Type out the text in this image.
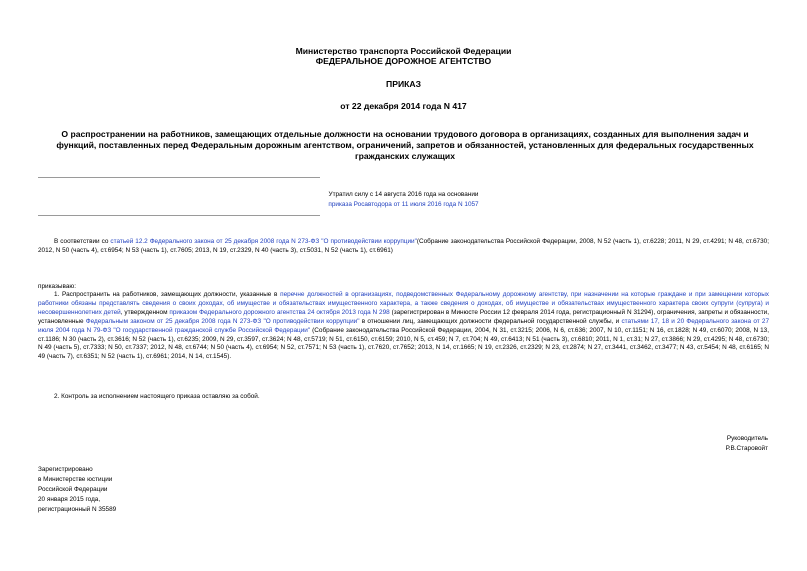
Министерство транспорта Российской Федерации
ФЕДЕРАЛЬНОЕ ДОРОЖНОЕ АГЕНТСТВО
ПРИКАЗ
от 22 декабря 2014 года N 417
О распространении на работников, замещающих отдельные должности на основании трудового договора в организациях, созданных для выполнения задач и функций, поставленных перед Федеральным дорожным агентством, ограничений, запретов и обязанностей, установленных для федеральных государственных гражданских служащих
Утратил силу с 14 августа 2016 года на основании
приказа Росавтодора от 11 июля 2016 года N 1057
В соответствии со статьей 12.2 Федерального закона от 25 декабря 2008 года N 273-ФЗ "О противодействии коррупции"(Собрание законодательства Российской Федерации, 2008, N 52 (часть 1), ст.6228; 2011, N 29, ст.4291; N 48, ст.6730; 2012, N 50 (часть 4), ст.6954; N 53 (часть 1), ст.7605; 2013, N 19, ст.2329, N 40 (часть 3), ст.5031, N 52 (часть 1), ст.6961)
приказываю:
1. Распространить на работников, замещающих должности, указанные в перечне должностей в организациях, подведомственных Федеральному дорожному агентству, при назначении на которые граждане и при замещении которых работники обязаны представлять сведения о своих доходах, об имуществе и обязательствах имущественного характера, а также сведения о доходах, об имуществе и обязательствах имущественного характера своих супруги (супруга) и несовершеннолетних детей, утвержденном приказом Федерального дорожного агентства 24 октября 2013 года N 298 (зарегистрирован в Минюсте России 12 февраля 2014 года, регистрационный N 31294), ограничения, запреты и обязанности, установленные Федеральным законом от 25 декабря 2008 года N 273-ФЗ "О противодействии коррупции" в отношении лиц, замещающих должности федеральной государственной службы, и статьями 17, 18 и 20 Федерального закона от 27 июля 2004 года N 79-ФЗ "О государственной гражданской службе Российской Федерации" (Собрание законодательства Российской Федерации, 2004, N 31, ст.3215; 2006, N 6, ст.636; 2007, N 10, ст.1151; N 16, ст.1828; N 49, ст.6070; 2008, N 13, ст.1186; N 30 (часть 2), ст.3616; N 52 (часть 1), ст.6235; 2009, N 29, ст.3597, ст.3624; N 48, ст.5719; N 51, ст.6150, ст.6159; 2010, N 5, ст.459; N 7, ст.704; N 49, ст.6413; N 51 (часть 3), ст.6810; 2011, N 1, ст.31; N 27, ст.3866; N 29, ст.4295; N 48, ст.6730; N 49 (часть 5), ст.7333; N 50, ст.7337; 2012, N 48, ст.6744; N 50 (часть 4), ст.6954; N 52, ст.7571; N 53 (часть 1), ст.7620, ст.7652; 2013, N 14, ст.1665; N 19, ст.2326, ст.2329; N 23, ст.2874; N 27, ст.3441, ст.3462, ст.3477; N 43, ст.5454; N 48, ст.6165; N 49 (часть 7), ст.6351; N 52 (часть 1), ст.6961; 2014, N 14, ст.1545).
2. Контроль за исполнением настоящего приказа оставляю за собой.
Руководитель
Р.В.Старовойт
Зарегистрировано
в Министерстве юстиции
Российской Федерации
20 января 2015 года,
регистрационный N 35589
